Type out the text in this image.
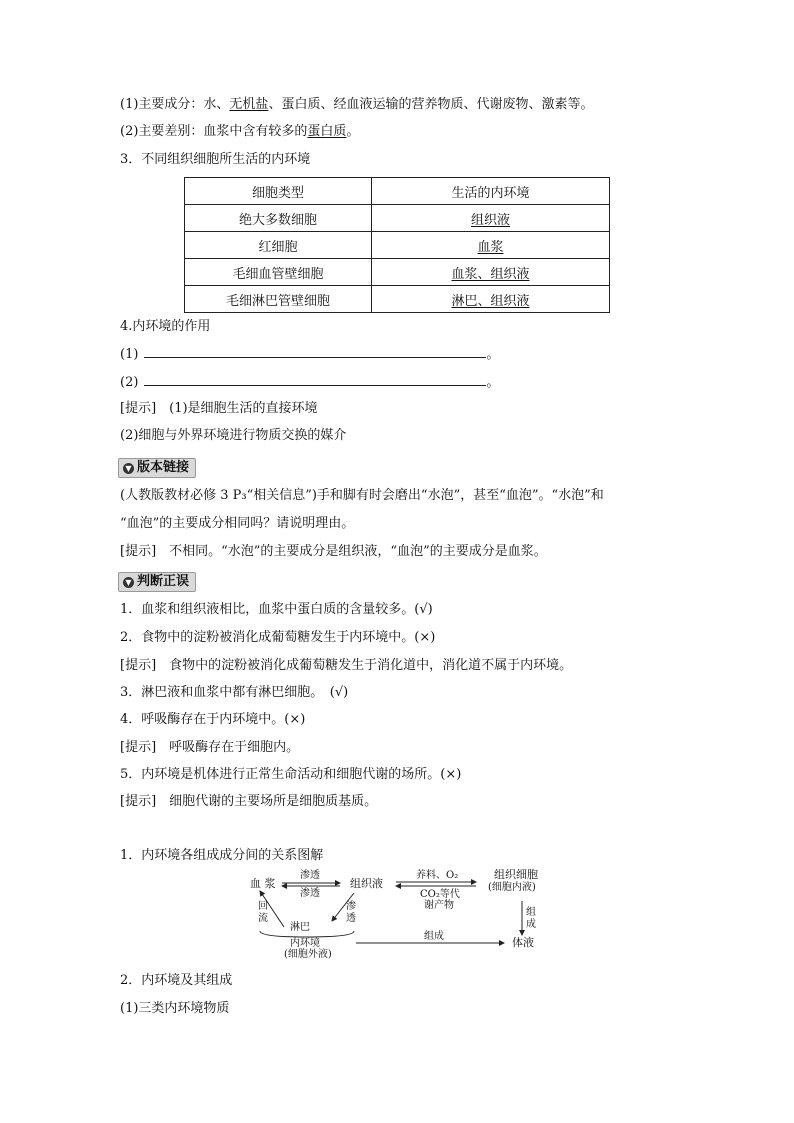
(1)主要成分：水、无机盐、蛋白质、经血液运输的营养物质、代谢废物、激素等。
(2)主要差别：血浆中含有较多的蛋白质。
3．不同组织细胞所生活的内环境
细胞类型	生活的内环境
绝大多数细胞	组织液
红细胞	血浆
毛细血管壁细胞	血浆、组织液
毛细淋巴管壁细胞	淋巴、组织液
4.内环境的作用
(1)	。
(2)	。
[提示]　(1)是细胞生活的直接环境
(2)细胞与外界环境进行物质交换的媒介
▼ 版本链接
(人教版教材必修 3 P₃“相关信息”)手和脚有时会磨出“水泡”，甚至“血泡”。“水泡”和
“血泡”的主要成分相同吗？请说明理由。
[提示]　不相同。“水泡”的主要成分是组织液，“血泡”的主要成分是血浆。
▼ 判断正误
1．血浆和组织液相比，血浆中蛋白质的含量较多。(√)
2．食物中的淀粉被消化成葡萄糖发生于内环境中。(×)
[提示]　食物中的淀粉被消化成葡萄糖发生于消化道中，消化道不属于内环境。
3．淋巴液和血浆中都有淋巴细胞。　(√)
4．呼吸酶存在于内环境中。(×)
[提示]　呼吸酶存在于细胞内。
5．内环境是机体进行正常生命活动和细胞代谢的场所。(×)
[提示]　细胞代谢的主要场所是细胞质基质。
1．内环境各组成成分间的关系图解
血 浆
渗透
渗透
组织液
养料、O₂
CO₂等代
谢产物
组织细胞
(细胞内液)
回
流
淋巴
渗
透
组
成
内环境
(细胞外液)
组成	体液
2．内环境及其组成
(1)三类内环境物质
